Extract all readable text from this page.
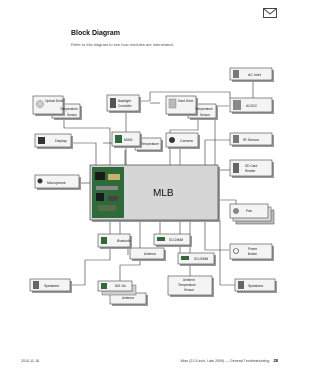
Block Diagram
Refer to this diagram to see how modules are interrelated.
AC Inlet
AC/DC
Optical Drive
Temperature
Sensor
Backlight
Controller
Hard Drive
Temperature
Sensor
Display	MXM
Temperature
Camera	IR Sensor
SD Card
Reader
Microphone
MLB
Fan
SO-DIMM
SO-DIMM
Antenna
Bluetooth
Power
Button
Speakers	Speakers
Antenna
802.11n
Ambient
Temperature
Sensor
2010-11-18	iMac (21.5-inch, Late 2009) — General Troubleshooting 28
